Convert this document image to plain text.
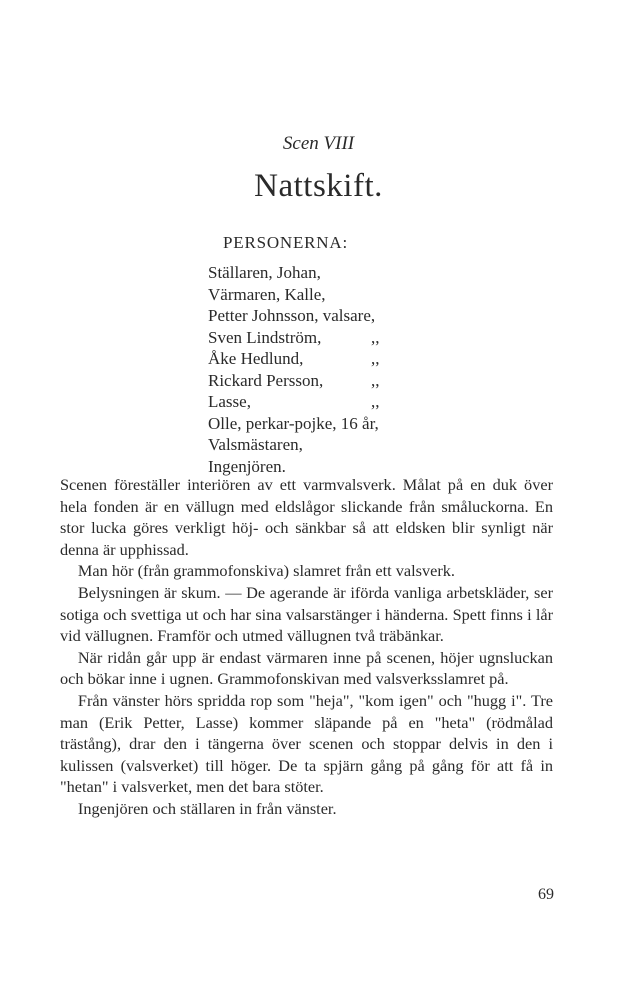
Scen VIII
Nattskift.
PERSONERNA:
Ställaren, Johan,
Värmaren, Kalle,
Petter Johnsson, valsare,
Sven Lindström,	,,
Åke Hedlund,	,,
Rickard Persson,	,,
Lasse,	,,
Olle, perkar-pojke, 16 år,
Valsmästaren,
Ingenjören.

Scenen föreställer interiören av ett varmvalsverk. Målat på en duk över hela fonden är en vällugn med eldslågor slickande från småluckorna. En stor lucka göres verkligt höj- och sänkbar så att eldsken blir synligt när denna är upphissad.

Man hör (från grammofonskiva) slamret från ett valsverk.

Belysningen är skum. — De agerande är iförda vanliga arbetskläder, ser sotiga och svettiga ut och har sina valsarstänger i händerna. Spett finns i lår vid vällugnen. Framför och utmed vällugnen två träbänkar.

När ridån går upp är endast värmaren inne på scenen, höjer ugnsluckan och bökar inne i ugnen. Grammofonskivan med valsverksslamret på.

Från vänster hörs spridda rop som "heja", "kom igen" och "hugg i". Tre man (Erik Petter, Lasse) kommer släpande på en "heta" (rödmålad trästång), drar den i tängerna över scenen och stoppar delvis in den i kulissen (valsverket) till höger. De ta spjärn gång på gång för att få in "hetan" i valsverket, men det bara stöter.

Ingenjören och ställaren in från vänster.

69
